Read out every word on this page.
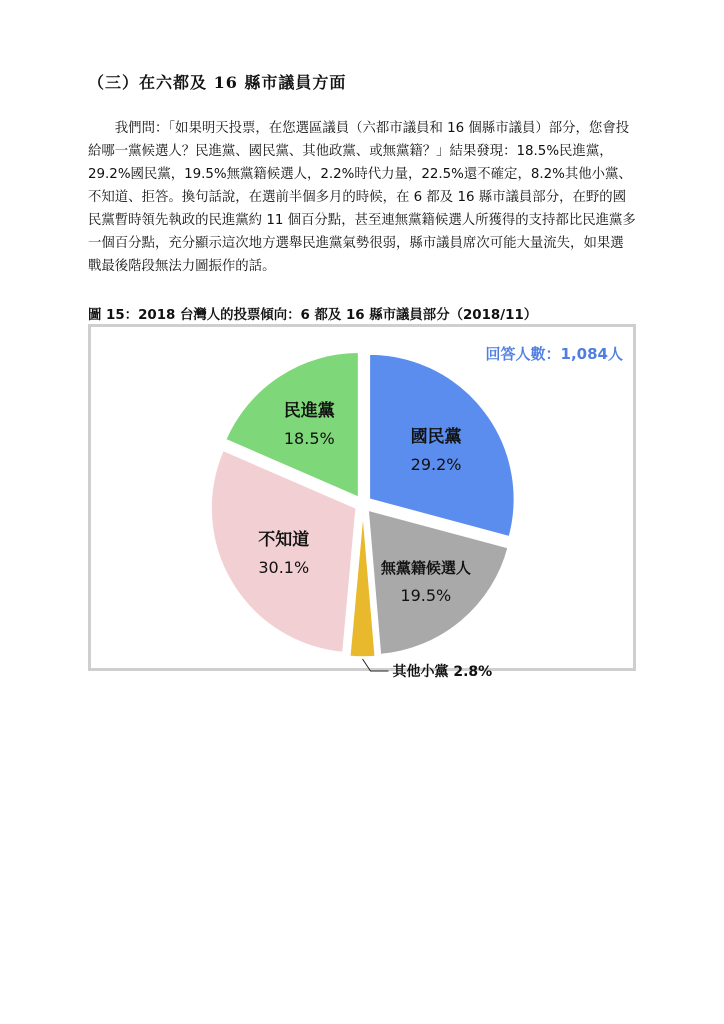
（三）在六都及 16 縣市議員方面

我們問：「如果明天投票，在您選區議員（六都市議員和 16 個縣市議員）部分，您會投給哪一黨候選人？民進黨、國民黨、其他政黨、或無黨籍？」結果發現：18.5%民進黨，29.2%國民黨，19.5%無黨籍候選人，2.2%時代力量，22.5%還不確定，8.2%其他小黨、不知道、拒答。換句話說，在選前半個多月的時候，在 6 都及 16 縣市議員部分，在野的國民黨暫時領先執政的民進黨約 11 個百分點，甚至連無黨籍候選人所獲得的支持都比民進黨多一個百分點，充分顯示這次地方選舉民進黨氣勢很弱，縣市議員席次可能大量流失，如果選戰最後階段無法力圖振作的話。

圖 15：2018 台灣人的投票傾向：6 都及 16 縣市議員部分（2018/11）
國民黨
29.2%
無黨籍候選人
19.5%
其他小黨 2.8%
不知道
30.1%
民進黨
18.5%
回答人數：1,084人
